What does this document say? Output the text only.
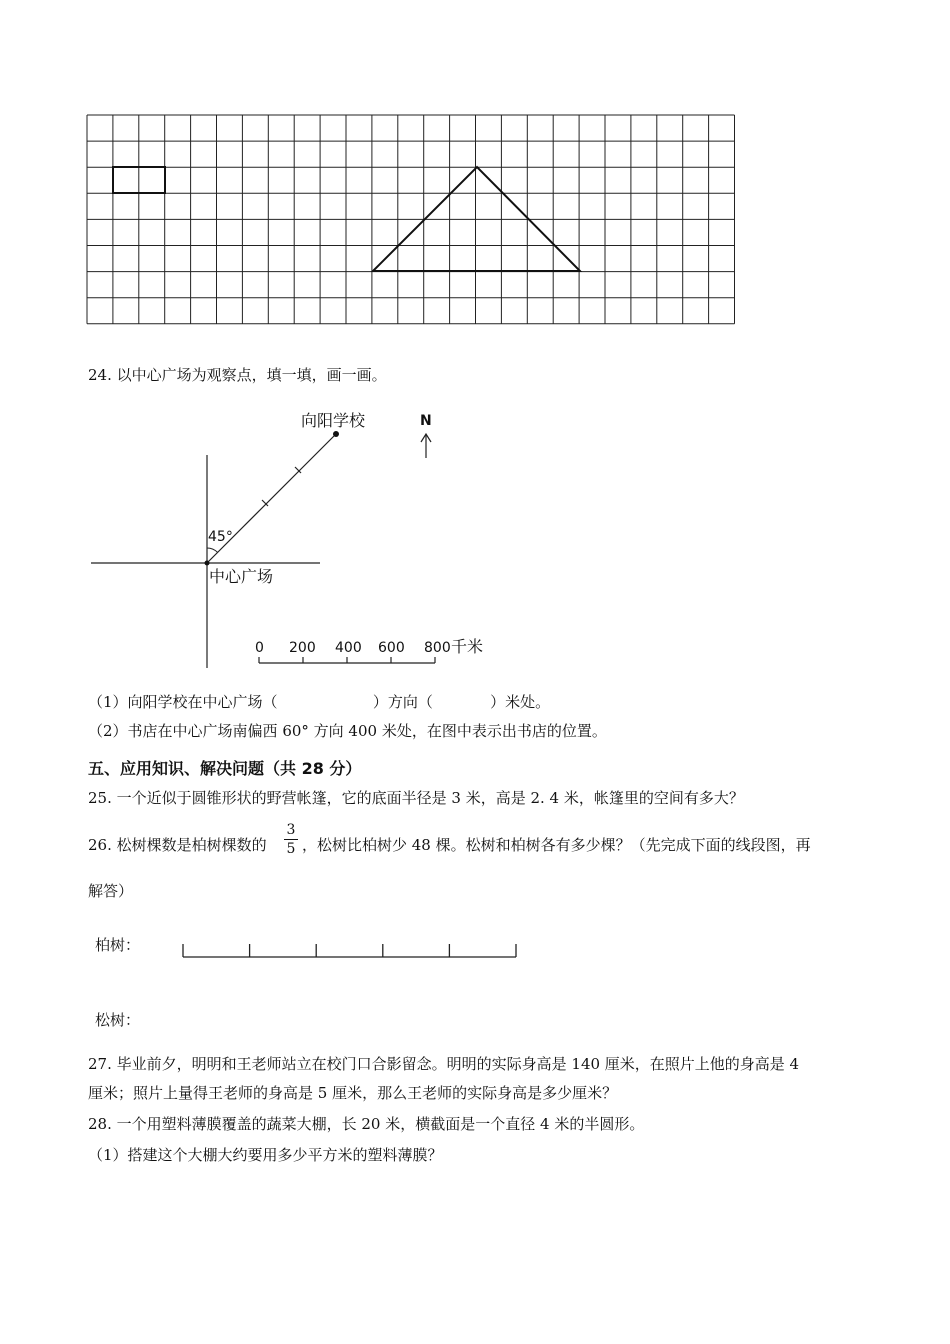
24. 以中心广场为观察点，填一填，画一画。
向阳学校	N
45°
中心广场
0 200 400 600 800 千米
（1）向阳学校在中心广场（                    ）方向（            ）米处。
（2）书店在中心广场南偏西 60° 方向 400 米处，在图中表示出书店的位置。
五、应用知识、解决问题（共 28 分）
25. 一个近似于圆锥形状的野营帐篷，它的底面半径是 3 米，高是 2. 4 米，帐篷里的空间有多大？
26. 松树棵数是柏树棵数的
3
5 ，松树比柏树少 48 棵。松树和柏树各有多少棵？（先完成下面的线段图，再
解答）
柏树：
松树：
27. 毕业前夕，明明和王老师站立在校门口合影留念。明明的实际身高是 140 厘米，在照片上他的身高是 4
厘米；照片上量得王老师的身高是 5 厘米，那么王老师的实际身高是多少厘米？
28. 一个用塑料薄膜覆盖的蔬菜大棚，长 20 米，横截面是一个直径 4 米的半圆形。
（1）搭建这个大棚大约要用多少平方米的塑料薄膜？
